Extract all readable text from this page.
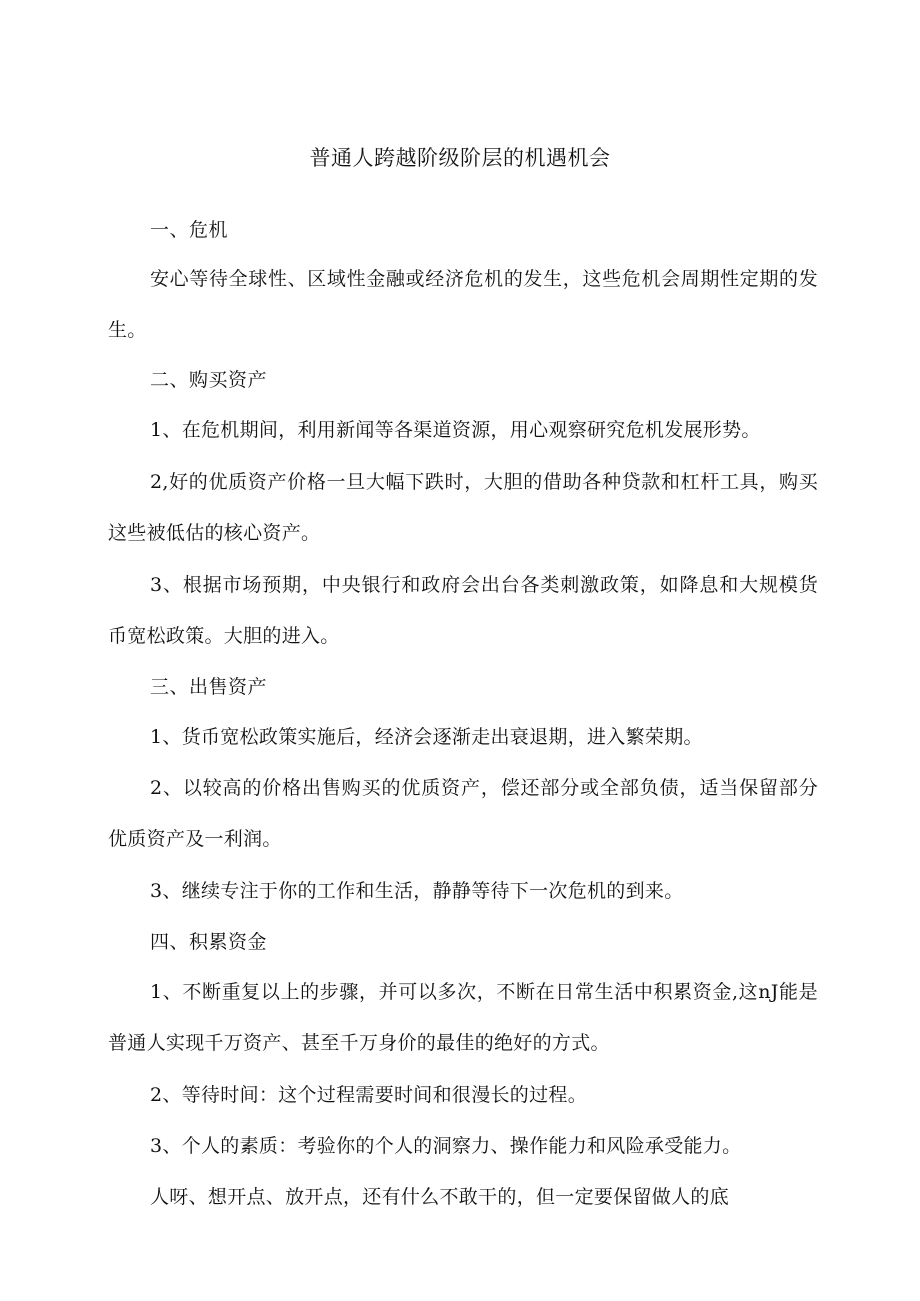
普通人跨越阶级阶层的机遇机会
一、危机
安心等待全球性、区域性金融或经济危机的发生，这些危机会周期性定期的发生。
二、购买资产
1、在危机期间，利用新闻等各渠道资源，用心观察研究危机发展形势。
2,好的优质资产价格一旦大幅下跌时，大胆的借助各种贷款和杠杆工具，购买这些被低估的核心资产。
3、根据市场预期，中央银行和政府会出台各类刺激政策，如降息和大规模货币宽松政策。大胆的进入。
三、出售资产
1、货币宽松政策实施后，经济会逐渐走出衰退期，进入繁荣期。
2、以较高的价格出售购买的优质资产，偿还部分或全部负债，适当保留部分优质资产及一利润。
3、继续专注于你的工作和生活，静静等待下一次危机的到来。
四、积累资金
1、不断重复以上的步骤，并可以多次，不断在日常生活中积累资金,这nJ能是普通人实现千万资产、甚至千万身价的最佳的绝好的方式。
2、等待时间：这个过程需要时间和很漫长的过程。
3、个人的素质：考验你的个人的洞察力、操作能力和风险承受能力。
人呀、想开点、放开点，还有什么不敢干的，但一定要保留做人的底
